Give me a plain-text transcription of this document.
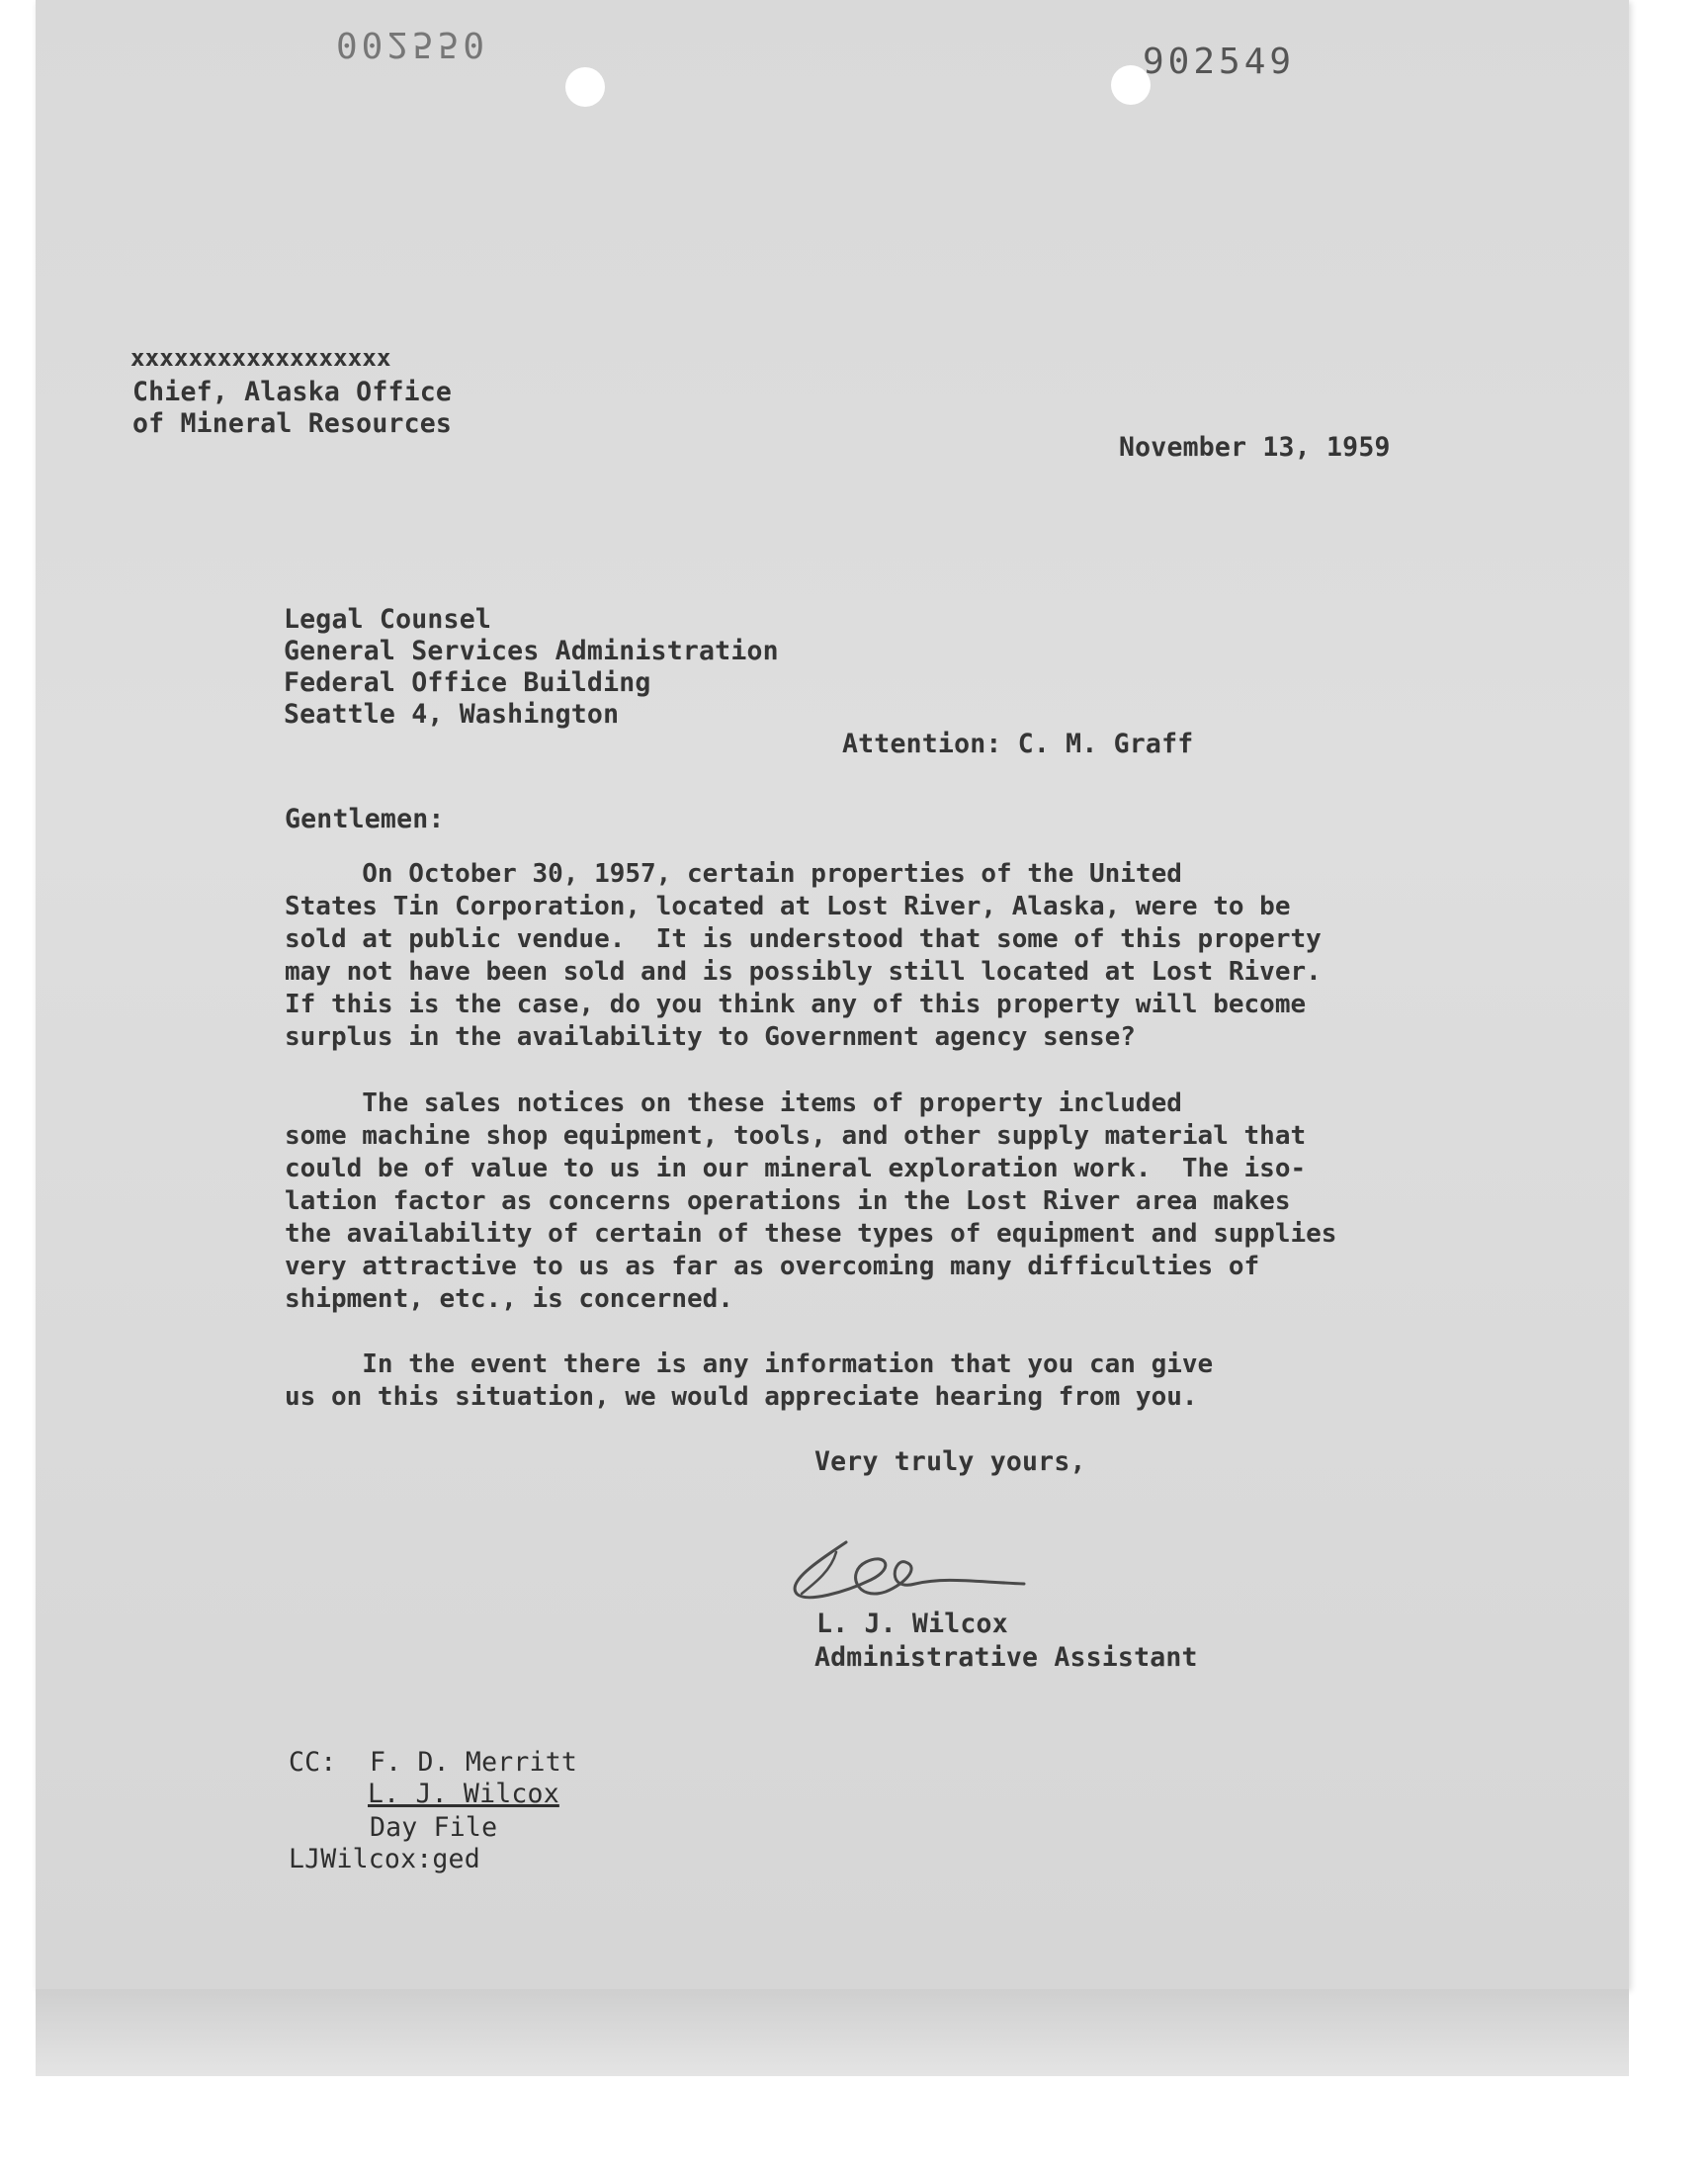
002550	902549
xxxxxxxxxxxxxxxxxx
Chief, Alaska Office
of Mineral Resources
November 13, 1959
Legal Counsel
General Services Administration
Federal Office Building
Seattle 4, Washington
Attention: C. M. Graff
Gentlemen:
On October 30, 1957, certain properties of the United
States Tin Corporation, located at Lost River, Alaska, were to be
sold at public vendue.  It is understood that some of this property
may not have been sold and is possibly still located at Lost River.
If this is the case, do you think any of this property will become
surplus in the availability to Government agency sense?
The sales notices on these items of property included
some machine shop equipment, tools, and other supply material that
could be of value to us in our mineral exploration work.  The iso-
lation factor as concerns operations in the Lost River area makes
the availability of certain of these types of equipment and supplies
very attractive to us as far as overcoming many difficulties of
shipment, etc., is concerned.
In the event there is any information that you can give
us on this situation, we would appreciate hearing from you.
Very truly yours,
L. J. Wilcox
Administrative Assistant
CC: F. D. Merritt
L. J. Wilcox
Day File
LJWilcox:ged
